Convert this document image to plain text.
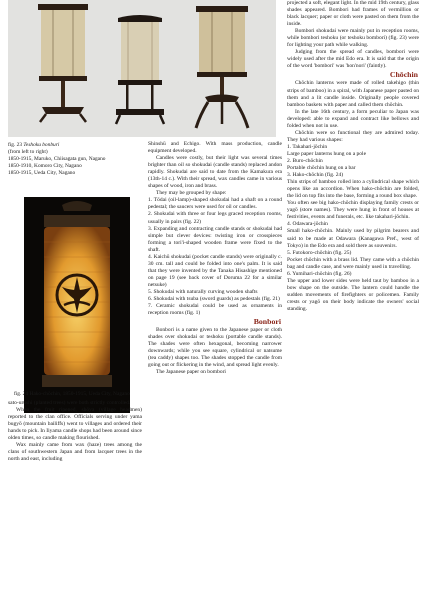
fig. 23 Teshoku bonburi
(from left to right)
1850-1915, Maruko, Chiisagata gun, Nagano
1850-1910, Komoro City, Nagano
1850-1915, Ueda City, Nagano
fig. 24 Hako-chōchin, 1850-1915, Ueda City, Nagano

sato-urushi (planted trees) were both strictly controlled.

When the fruit ripened, shōya (village headmen) reported to the clan office. Officials serving under yama bugyō (mountain bailiffs) went to villages and ordered their hands to pick. In Iiyama candle shops had been around since olden times, so candle making flourished.

Wax mainly came from wax (haze) trees among the clans of southwestern Japan and from lacquer trees in the north and east, including

Shinshū and Echigo. With mass production, candle equipment developed.

Candles were costly, but their light was several times brighter than oil so shokudai (candle stands) replaced andon rapidly. Shokudai are said to date from the Kamakura era (13th-14 c.). With their spread, wax candles came in various shapes of wood, iron and brass.

They may be grouped by shape:

1. Tōdai (oil-lamp)-shaped shokudai had a shaft on a round pedestal; the saucers were used for oil or candles.

2. Shokudai with three or four legs graced reception rooms, usually in pairs (fig. 22)

3. Expanding and contracting candle stands or shokudai had simple but clever devices: twisting iron or crosspieces forming a tori'i-shaped wooden frame were fixed to the shaft.

4. Kaichū shokudai (pocket candle stands) were originally c. 30 cm. tall and could be folded into one's palm. It is said that they were invented by the Tanaka Hisashige mentioned on page 19 (see back cover of Doruma 22 for a similar netsuke)

5. Shokudai with naturally curving wooden shafts

6. Shokudai with tsuba (sword guards) as pedestals (fig. 21)

7. Ceramic shokudai could be used as ornaments in reception rooms (fig. 1)

Bonbori

Bonbori is a name given to the Japanese paper or cloth shades over shokudai or teshoku (portable candle stands). The shades were often hexagonal, becoming narrower downwards; while you see square, cylindrical or natsume (tea caddy) shapes too. The shades stopped the candle from going out or flickering in the wind, and spread light evenly.

The Japanese paper on bombori

projected a soft, elegant light. In the mid 19th century, glass shades appeared. Bombori had frames of vermillion or black lacquer; paper or cloth were pasted on them from the inside.

Bombori shokudai were mainly put in reception rooms, while bombori teshoku (or teshoku bombori) (fig. 23) were for lighting your path while walking.

Judging from the spread of candles, bombori were widely used after the mid Edo era. It is said that the origin of the word 'bombori' was 'hon'nori' (faintly).

Chōchin

Chōchin lanterns were made of rolled takehigo (thin strips of bamboo) in a spiral, with Japanese paper pasted on them and a lit candle inside. Originally people covered bamboo baskets with paper and called them chōchin.

In the late 16th century, a form peculiar to Japan was developed: able to expand and contract like bellows and folded when not in use.

Chōchin were so functional they are admired today. They had various shapes:

1. Takahari-jōchin

Large paper lanterns hung on a pole

2. Buro-chōchin

Portable chōchin hung on a bar

3. Hako-chōchin (fig. 24)

Thin strips of bamboo rolled into a cylindrical shape which opens like an accordion. When hako-chōchin are folded, the lid on top fits into the base, forming a round box shape.

You often see big hako-chōchin displaying family crests or yagō (store names). They were hung in front of houses at festivities, events and funerals, etc. like takahari-jōchin.

4. Odawara-jōchin

Small hako-chōchin. Mainly used by pilgrim bearers and said to be made at Odawara (Kanagawa Pref., west of Tokyo) in the Edo era and sold there as souvenirs.

5. Futokoro-chōchin (fig. 25)

Pocket chōchin with a brass lid. They came with a chōchin bag and candle case, and were mainly used in travelling.

6. Yumihari-chōchin (fig. 26)

The upper and lower sides were held taut by bamboo in a bow shape on the outside. The lantern could handle the sudden movements of firefighters or policemen. Family crests or yagō on their body indicate the owners' social standing.
